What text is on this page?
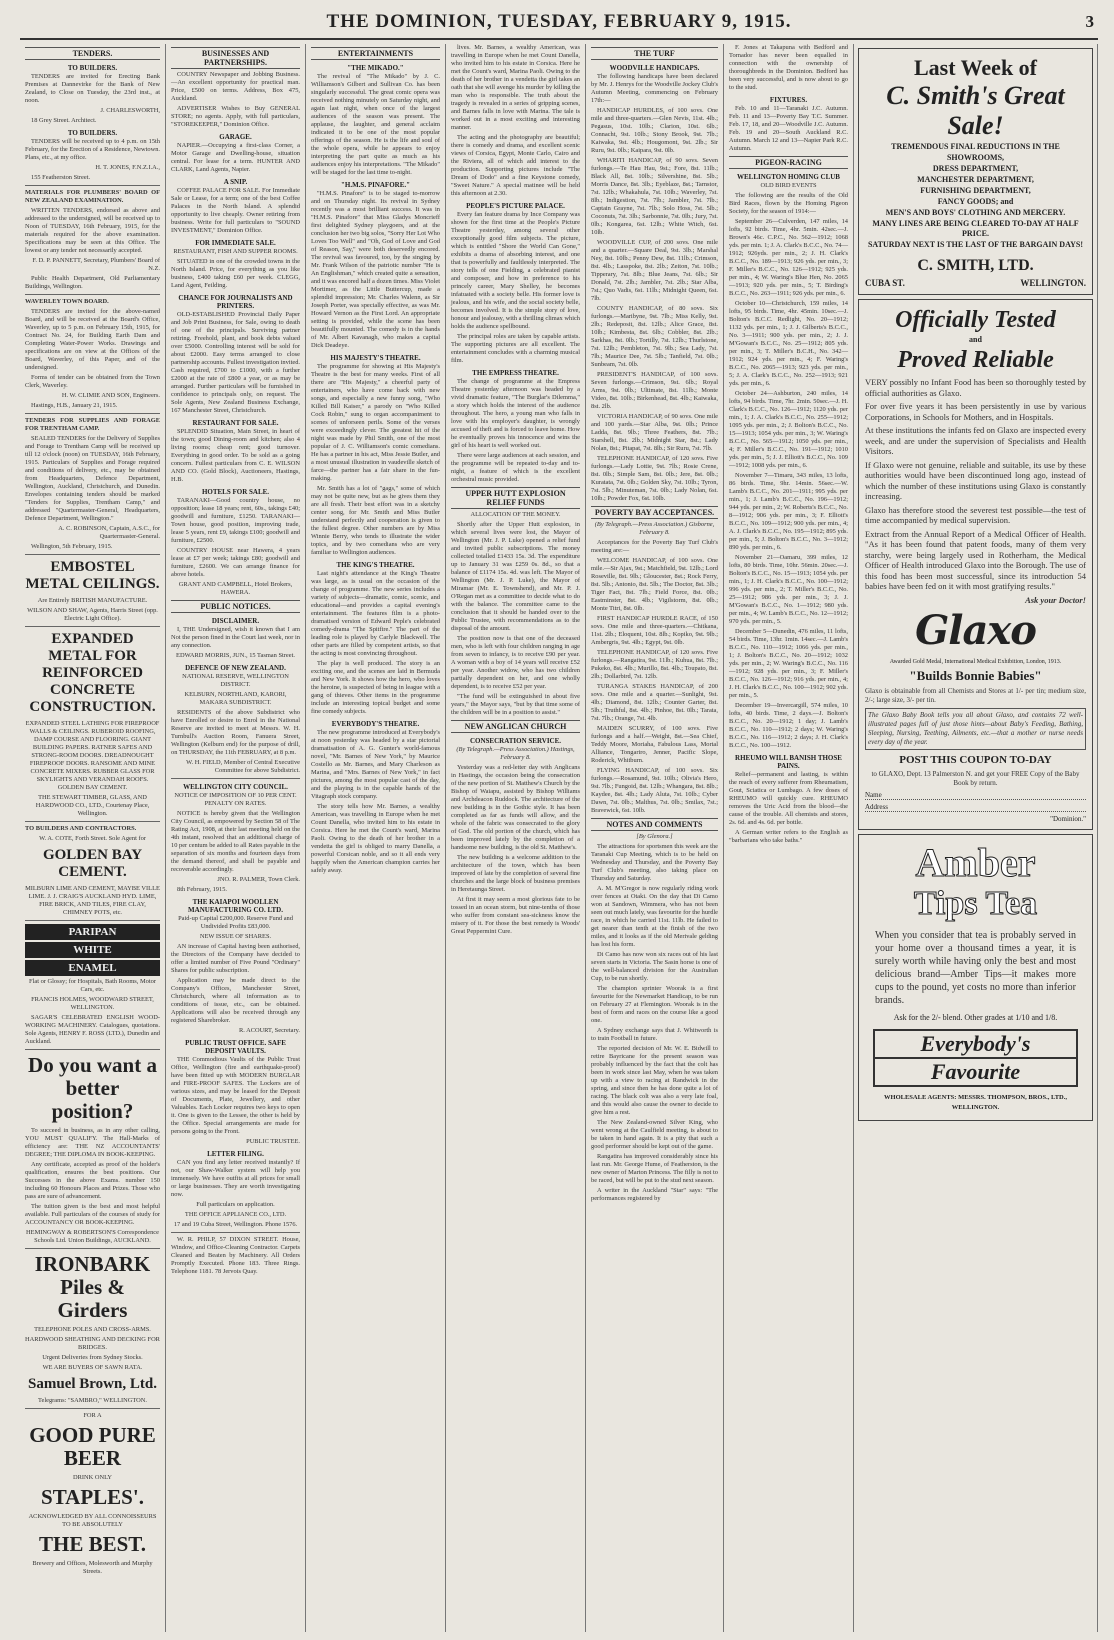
THE DOMINION, TUESDAY, FEBRUARY 9, 1915.	3
TENDERS.
TO BUILDERS.

TENDERS are invited for Erecting Bank Premises at Dannevirke for the Bank of New Zealand, to Close on Tuesday, the 23rd inst., at noon.

J. CHARLESWORTH,

18 Grey Street. Architect.

TO BUILDERS.

TENDERS will be received up to 4 p.m. on 15th February, for the Erection of a Residence, Newtown. Plans, etc., at my office.

H. T. JONES, F.N.Z.I.A.,

155 Featherston Street.

MATERIALS FOR PLUMBERS' BOARD OF NEW ZEALAND EXAMINATION.

WRITTEN TENDERS, endorsed as above and addressed to the undersigned, will be received up to Noon of TUESDAY, 16th February, 1915, for the materials required for the above examination. Specifications may be seen at this Office. The lowest or any tender not necessarily accepted.

F. D. P. PANNETT, Secretary, Plumbers' Board of N.Z.

Public Health Department, Old Parliamentary Buildings, Wellington.

WAVERLEY TOWN BOARD.

TENDERS are invited for the above-named Board, and will be received at the Board's Office, Waverley, up to 5 p.m. on February 15th, 1915, for Contract No. 24, for Building Earth Dam and Completing Water-Power Works. Drawings and specifications are on view at the Offices of the Board, Waverley, of this Paper, and of the undersigned.

Forms of tender can be obtained from the Town Clerk, Waverley.

H. W. CLIMIE AND SON, Engineers.

Hastings, H.B., January 21, 1915.

TENDERS FOR SUPPLIES AND FORAGE FOR TRENTHAM CAMP.

SEALED TENDERS for the Delivery of Supplies and Forage to Trentham Camp will be received up till 12 o'clock (noon) on TUESDAY, 16th February, 1915. Particulars of Supplies and Forage required and conditions of delivery, etc., may be obtained from Headquarters, Defence Department, Wellington, Auckland, Christchurch, and Dunedin. Envelopes containing tenders should be marked "Tenders for Supplies, Trentham Camp," and addressed "Quartermaster-General, Headquarters, Defence Department, Wellington."

A. C. ROBINSON, Captain, A.S.C., for Quartermaster-General.

Wellington, 5th February, 1915.

EMBOSTEL METAL CEILINGS.

Are Entirely BRITISH MANUFACTURE.

WILSON AND SHAW, Agents, Harris Street (opp. Electric Light Office).

EXPANDED METAL FOR REINFORCED CONCRETE CONSTRUCTION.

EXPANDED STEEL LATHING FOR FIREPROOF WALLS & CEILINGS. RUBEROID ROOFING, DAMP COURSE AND FLOORING. GIANT BUILDING PAPERS. RATNER SAFES AND STRONG-ROOM DOORS. DREADNOUGHT FIREPROOF DOORS. RANSOME AND MINE CONCRETE MIXERS. RUBBER GLASS FOR SKYLIGHTS AND VERANDAH ROOFS. GOLDEN BAY CEMENT.

THE STEWART TIMBER, GLASS, AND HARDWOOD CO., LTD., Courtenay Place, Wellington.

TO BUILDERS AND CONTRACTORS.

W. A. COTE, Forth Street. Sole Agent for

GOLDEN BAY CEMENT.

MILBURN LIME AND CEMENT, MAYBE VILLE LIME. J. J. CRAIG'S AUCKLAND HYD. LIME, FIRE BRICK, AND TILES, FIRE CLAY, CHIMNEY POTS, etc.

PARIPAN
WHITE
ENAMEL

Flat or Glossy; for Hospitals, Bath Rooms, Motor Cars, etc.

FRANCIS HOLMES, WOODWARD STREET, WELLINGTON.

SAGAR'S CELEBRATED ENGLISH WOOD-WORKING MACHINERY. Catalogues, quotations. Sole Agents, HENRY F. ROSS (LTD.), Dunedin and Auckland.

Do you want a better position?

To succeed in business, as in any other calling, YOU MUST QUALIFY. The Hall-Marks of efficiency are: THE NZ ACCOUNTANTS' DEGREE; THE DIPLOMA IN BOOK-KEEPING.

Any certificate, accepted as proof of the holder's qualification, ensures the best positions. Our Successes in the above Exams. number 150 including 60 Honours Places and Prizes. Those who pass are sure of advancement.

The tuition given is the best and most helpful available. Full particulars of the courses of study for ACCOUNTANCY OR BOOK-KEEPING.

HEMINGWAY & ROBERTSON'S Correspondence Schools Ltd. Union Buildings, AUCKLAND.

IRONBARK Piles & Girders

TELEPHONE POLES AND CROSS-ARMS.

HARDWOOD SHEATHING AND DECKING FOR BRIDGES.

Urgent Deliveries from Sydney Stocks.

WE ARE BUYERS OF SAWN RATA.

Samuel Brown, Ltd.

Telegrams: "SAMBRO," WELLINGTON.

FOR A

GOOD PURE BEER

DRINK ONLY

STAPLES'.

ACKNOWLEDGED BY ALL CONNOISSEURS TO BE ABSOLUTELY

THE BEST.

Brewery and Offices, Molesworth and Murphy Streets.

BUSINESSES AND PARTNERSHIPS.

COUNTRY Newspaper and Jobbing Business.—An excellent opportunity for practical man. Price, £500 on terms. Address, Box 475, Auckland.

ADVERTISER Wishes to Buy GENERAL STORE; no agents. Apply, with full particulars, "STOREKEEPER," Dominion Office.

GARAGE.

NAPIER.—Occupying a first-class Corner, a Motor Garage and Dwelling-house, situation central. For lease for a term. HUNTER AND CLARK, Land Agents, Napier.

A SNIP.

COFFEE PALACE FOR SALE. For Immediate Sale or Lease, for a term; one of the best Coffee Palaces in the North Island. A splendid opportunity to live cheaply. Owner retiring from business. Write for full particulars to "SOUND INVESTMENT," Dominion Office.

FOR IMMEDIATE SALE.

RESTAURANT, FISH AND SUPPER ROOMS.

SITUATED in one of the crowded towns in the North Island. Price, for everything as you like business, £400 taking £60 per week. CLEGG, Land Agent, Feilding.

CHANCE FOR JOURNALISTS AND PRINTERS.

OLD-ESTABLISHED Provincial Daily Paper and Job Print Business, for Sale, owing to death of one of the principals. Surviving partner retiring. Freehold, plant, and book debts valued over £5000. Controlling interest will be sold for about £2000. Easy terms arranged to close partnership accounts. Fullest investigation invited. Cash required, £700 to £1000, with a further £2000 at the rate of £800 a year, or as may be arranged. Further particulars will be furnished in confidence to principals only, on request. The Sole Agents, New Zealand Business Exchange, 167 Manchester Street, Christchurch.

RESTAURANT FOR SALE.

SPLENDID Situation, Main Street, in heart of the town; good Dining-room and kitchen; also 4 living rooms; cheap rent; good turnover. Everything in good order. To be sold as a going concern. Fullest particulars from C. E. WILSON AND CO. (Gold Block), Auctioneers, Hastings, H.B.

HOTELS FOR SALE.

TARANAKI—Good country house, no opposition; lease 18 years; rent, 60s., takings £40; goodwill and furniture, £1250. TARANAKI—Town house, good position, improving trade, lease 5 years, rent £9, takings £100; goodwill and furniture, £2500.

COUNTRY HOUSE near Hawera, 4 years lease at £7 per week; takings £80; goodwill and furniture, £2600. We can arrange finance for above hotels.

GRANT AND CAMPBELL, Hotel Brokers, HAWERA.

PUBLIC NOTICES.
DISCLAIMER.

I, THE Undersigned, wish it known that I am Not the person fined in the Court last week, nor in any connection.

EDWARD MORRIS, JUN., 15 Tasman Street.

DEFENCE OF NEW ZEALAND.

NATIONAL RESERVE, WELLINGTON DISTRICT.

KELBURN, NORTHLAND, KARORI, MAKARA SUBDISTRICT.

RESIDENTS of the above Subdistrict who have Enrolled or desire to Enrol in the National Reserve are invited to meet at Messrs. W. H. Turnbull's Auction Room, Fanuera Street, Wellington (Kelburn end) for the purpose of drill, on THURSDAY, the 11th FEBRUARY, at 8 p.m.

W. H. FIELD, Member of Central Executive Committee for above Subdistrict.

WELLINGTON CITY COUNCIL.

NOTICE OF IMPOSITION OF 10 PER CENT. PENALTY ON RATES.

NOTICE is hereby given that the Wellington City Council, as empowered by Section 58 of The Rating Act, 1908, at their last meeting held on the 4th instant, resolved that an additional charge of 10 per centum be added to all Rates payable in the separation of six months and fourteen days from the demand thereof, and shall be payable and recoverable accordingly.

JNO. R. PALMER, Town Clerk.

8th February, 1915.

THE KAIAPOI WOOLLEN MANUFACTURING CO. LTD.

Paid-up Capital £200,000. Reserve Fund and Undivided Profits £83,000.

NEW ISSUE OF SHARES.

AN increase of Capital having been authorised, the Directors of the Company have decided to offer a limited number of Five Pound "Ordinary" Shares for public subscription.

Application may be made direct to the Company's Offices, Manchester Street, Christchurch, where all information as to conditions of issue, etc., can be obtained. Applications will also be received through any registered Sharebroker.

R. ACOURT, Secretary.

PUBLIC TRUST OFFICE. SAFE DEPOSIT VAULTS.

THE Commodious Vaults of the Public Trust Office, Wellington (fire and earthquake-proof) have been fitted up with MODERN BURGLAR and FIRE-PROOF SAFES. The Lockers are of various sizes, and may be leased for the Deposit of Documents, Plate, Jewellery, and other Valuables. Each Locker requires two keys to open it. One is given to the Lessee, the other is held by the Office. Special arrangements are made for persons going to the Front.

PUBLIC TRUSTEE.

LETTER FILING.

CAN you find any letter received instantly? If not, our Shaw-Walker system will help you immensely. We have outfits at all prices for small or large businesses. They are worth investigating now.

Full particulars on application.

THE OFFICE APPLIANCE CO., LTD.

17 and 19 Cuba Street, Wellington. Phone 1576.

W. R. PHILP, 57 DIXON STREET. House, Window, and Office-Cleaning Contractor. Carpets Cleaned and Beaten by Machinery. All Orders Promptly Executed. Phone 183. Three Rings. Telephone 1181. 78 Jervois Quay.

ENTERTAINMENTS
"THE MIKADO."

The revival of "The Mikado" by J. C. Williamson's Gilbert and Sullivan Co. has been singularly successful. The great comic opera was received nothing minutely on Saturday night, and again last night, when once of the largest audiences of the season was present. The applause, the laughter, and general acclaim indicated it to be one of the most popular offerings of the season. He is the life and soul of the whole opera, while he appears to enjoy interpreting the part quite as much as his audiences enjoy his interpretations. "The Mikado" will be staged for the last time to-night.

"H.M.S. PINAFORE."

"H.M.S. Pinafore" is to be staged to-morrow and on Thursday night. Its revival in Sydney recently was a most brilliant success. It was in "H.M.S. Pinafore" that Miss Gladys Moncrieff first delighted Sydney playgoers, and at the conclusion her two big solos, "Sorry Her Lot Who Loves Too Well" and "Oh, God of Love and God of Reason, Say," were both deservedly encored. The revival was favoured, too, by the singing by Mr. Frank Wilson of the patriotic number "He is An Englishman," which created quite a sensation, and it was encored half a dozen times. Miss Violet Mortimer, as the Little Buttercup, made a splendid impression; Mr. Charles Walenn, as Sir Joseph Porter, was specially effective, as was Mr. Howard Vernon as the First Lord. An appropriate setting is provided, while the scene has been beautifully mounted. The comedy is in the hands of Mr. Albert Kavanagh, who makes a capital Dick Deadeye.

HIS MAJESTY'S THEATRE.

The programme for showing at His Majesty's Theatre is the best for many weeks. First of all there are "His Majesty," a cheerful party of entertainers, who have come back with new songs, and especially a new funny song, "Who Killed Bill Kaiser," a parody on "Who Killed Cock Robin," sung to organ accompaniment to scenes of unforseen perils. Some of the verses were exceedingly clever. The greatest hit of the night was made by Phil Smith, one of the most popular of J. C. Williamson's comic comedians. He has a partner in his act, Miss Jessie Butler, and a most unusual illustration in vaudeville sketch of farce—the partner has a fair share in the fun-making.

Mr. Smith has a lot of "gags," some of which may not be quite new, but as he gives them they are all fresh. Their best effort was in a sketchy center song, for Mr. Smith and Miss Butler understand perfectly and cooperation is given to the fullest degree. Other numbers are by Miss Winnie Berry, who tends to illustrate the wider topics, and by two comedians who are very familiar to Wellington audiences.

THE KING'S THEATRE.

Last night's attendance at the King's Theatre was large, as is usual on the occasion of the change of programme. The new series includes a variety of subjects—dramatic, comic, scenic, and educational—and provides a capital evening's entertainment. The features film is a photo-dramatised version of Edward Peple's celebrated comedy-drama "The Spitfire." The part of the leading role is played by Carlyle Blackwell. The other parts are filled by competent artists, so that the acting is most convincing throughout.

The play is well produced. The story is an exciting one, and the scenes are laid in Bermuda and New York. It shows how the hero, who loves the heroine, is suspected of being in league with a gang of thieves. Other items in the programme include an interesting topical budget and some fine comedy subjects.

EVERYBODY'S THEATRE.

The new programme introduced at Everybody's at noon yesterday was headed by a star pictorial dramatisation of A. G. Gunter's world-famous novel, "Mr. Barnes of New York," by Maurice Costello as Mr. Barnes, and Mary Charleson as Marina, and "Mrs. Barnes of New York," in fact pictures, among the most popular cast of the day, and the playing is in the capable hands of the Vitagraph stock company.

The story tells how Mr. Barnes, a wealthy American, was travelling in Europe when he met Count Danella, who invited him to his estate in Corsica. Here he met the Count's ward, Marina Paoli. Owing to the death of her brother in a vendetta the girl is obliged to marry Danella, a powerful Corsican noble, and so it all ends very happily when the American champion carries her safely away.

lives. Mr. Barnes, a wealthy American, was travelling in Europe when he met Count Danella, who invited him to his estate in Corsica. Here he met the Count's ward, Marina Paoli. Owing to the death of her brother in a vendetta the girl takes an oath that she will avenge his murder by killing the man who is responsible. The truth about the tragedy is revealed in a series of gripping scenes, and Barnes falls in love with Marina. The tale is worked out in a most exciting and interesting manner.

The acting and the photography are beautiful; there is comedy and drama, and excellent scenic views of Corsica, Egypt, Monte Carlo, Cairo and the Riviera, all of which add interest to the production. Supporting pictures include "The Dream of Dodo" and a fine Keystone comedy, "Sweet Nature." A special matinee will be held this afternoon at 2.30.

PEOPLE'S PICTURE PALACE.

Every fan feature drama by Ince Company was shown for the first time at the People's Picture Theatre yesterday, among several other exceptionally good film subjects. The picture, which is entitled "Shore the World Can Gone," exhibits a drama of absorbing interest, and one that is powerfully and faultlessly interpreted. The story tells of one Fielding, a celebrated pianist and composer, and how in preference to his princely career, Mary Shelley, he becomes infatuated with a society belle. His former love is jealous, and his wife, and the social society belle, becomes involved. It is the simple story of love, honour and jealousy, with a thrilling climax which holds the audience spellbound.

The principal roles are taken by capable artists. The supporting pictures are all excellent. The entertainment concludes with a charming musical film.

THE EMPRESS THEATRE.

The change of programme at the Empress Theatre yesterday afternoon was headed by a vivid dramatic feature, "The Burglar's Dilemma," a story which holds the interest of the audience throughout. The hero, a young man who falls in love with his employer's daughter, is wrongly accused of theft and is forced to leave home. How he eventually proves his innocence and wins the girl of his heart is well worked out.

There were large audiences at each session, and the programme will be repeated to-day and to-night, a feature of which is the excellent orchestral music provided.

UPPER HUTT EXPLOSION RELIEF FUNDS

ALLOCATION OF THE MONEY.

Shortly after the Upper Hutt explosion, in which several lives were lost, the Mayor of Wellington (Mr. J. P. Luke) opened a relief fund and invited public subscriptions. The money collected totalled £1433 15s. 3d. The expenditure up to January 31 was £259 0s. 8d., so that a balance of £1174 15s. 4d. was left. The Mayor of Wellington (Mr. J. P. Luke), the Mayor of Miramar (Mr. E. Townshend), and Mr. P. J. O'Regan met as a committee to decide what to do with the balance. The committee came to the conclusion that it should be handed over to the Public Trustee, with recommendations as to the disposal of the amount.

The position now is that one of the deceased men, who is left with four children ranging in age from seven to infancy, is to receive £90 per year. A woman with a boy of 14 years will receive £52 per year. Another widow, who has two children partially dependent on her, and one wholly dependent, is to receive £52 per year.

"The fund will be extinguished in about five years," the Mayor says, "but by that time some of the children will be in a position to assist."

NEW ANGLICAN CHURCH
CONSECRATION SERVICE.

(By Telegraph.—Press Association.) Hastings, February 8.

Yesterday was a red-letter day with Anglicans in Hastings, the occasion being the consecration of the new portion of St. Matthew's Church by the Bishop of Waiapu, assisted by Bishop Williams and Archdeacon Ruddock. The architecture of the new building is in the Gothic style. It has been completed as far as funds will allow, and the whole of the fabric was consecrated to the glory of God. The old portion of the church, which has been improved lately by the completion of a handsome new building, is the old St. Matthew's.

The new building is a welcome addition to the architecture of the town, which has been improved of late by the completion of several fine churches and the large block of business premises in Heretaunga Street.

At first it may seem a most glorious fate to be tossed in an ocean storm, but nine-tenths of those who suffer from constant sea-sickness know the misery of it. For those the best remedy is Woods' Great Peppermint Cure.

THE TURF
WOODVILLE HANDICAPS.

The following handicaps have been declared by Mr. J. Henrys for the Woodville Jockey Club's Autumn Meeting, commencing on February 17th:—

HANDICAP HURDLES, of 100 sovs. One mile and three-quarters.—Glen Nevis, 11st. 4lb.; Pegasus, 10st. 10lb.; Clarion, 10st. 6lb.; Connacht, 9st. 10lb.; Stony Brook, 9st. 7lb.; Kaiwaka, 9st. 4lb.; Hougomont, 9st. 2lb.; Sir Ruru, 9st. 0lb.; Kaipara, 9st. 0lb.

WHARITI HANDICAP, of 90 sovs. Seven furlongs.—Te Hau Hau, 9st.; Fore, 8st. 11lb.; Black All, 8st. 10lb.; Silvershine, 8st. 5lb.; Morris Dance, 8st. 3lb.; Eyeblaze, 8st.; Tarnstor, 7st. 12lb.; Whakahula, 7st. 10lb.; Waverley, 7st. 8lb.; Indigestion, 7st. 7lb.; Jambler, 7st. 7lb.; Captain Grayne, 7st. 7lb.; Solo Hoss, 7st. 5lb.; Coconuts, 7st. 3lb.; Sarbonnie, 7st. 0lb.; Jury, 7st. 0lb.; Kongarea, 6st. 12lb.; White Witch, 6st. 10lb.

WOODVILLE CUP, of 200 sovs. One mile and a quarter.—Square Deal, 9st. 3lb.; Marshal Ney, 8st. 10lb.; Penny Dew, 8st. 11lb.; Crimson, 8st. 4lb.; Lasspoke, 8st. 2lb.; Zeiton, 7st. 10lb.; Tipperary, 7st. 8lb.; Blue Jeans, 7st. 6lb.; Sir Donald, 7st. 2lb.; Jambler, 7st. 2lb.; Star Alba, 7st.; Quo Vadis, 6st. 11lb.; Midnight Queen, 6st. 7lb.

COUNTY HANDICAP, of 80 sovs. Six furlongs.—Maribyne, 9st. 7lb.; Miss Kelly, 9st. 2lb.; Redeposit, 8st. 12lb.; Alice Grace, 8st. 10lb.; Kimbesta, 8st. 6lb.; Cobbler, 8st. 2lb.; Sarkhas, 8st. 0lb.; Tortilly, 7st. 12lb.; Thurlstone, 7st. 12lb.; Pembleton, 7st. 9lb.; Sea Lady, 7st. 7lb.; Maurice Dee, 7st. 5lb.; Tanfield, 7st. 0lb.; Sunbeam, 7st. 0lb.

PRESIDENT'S HANDICAP, of 100 sovs. Seven furlongs.—Crimson, 9st. 6lb.; Royal Arms, 9st. 0lb.; Ultimate, 8st. 11lb.; Monte Video, 8st. 10lb.; Birkenhead, 8st. 4lb.; Kaiwaka, 8st. 2lb.

VICTORIA HANDICAP, of 90 sovs. One mile and 100 yards.—Star Alba, 9st. 0lb.; Prince Ladda, 8st. 9lb.; Three Feathers, 8st. 7lb.; Starshell, 8st. 2lb.; Midnight Star, 8st.; Lady Nolan, 8st.; Pitapat, 7st. 8lb.; Sir Ruru, 7st. 7lb.

TELEPHONE HANDICAP, of 120 sovs. Five furlongs.—Lady Lottie, 9st. 7lb.; Rosie Crene, 8st. 0lb.; Simple Sam, 8st. 0lb.; Jere, 8st. 0lb.; Kuratata, 7st. 0lb.; Golden Sky, 7st. 10lb.; Tyron, 7st. 5lb.; Minuteman, 7st. 0lb.; Lady Nolan, 6st. 10lb.; Powder Fox, 6st. 10lb.

POVERTY BAY ACCEPTANCES.

(By Telegraph.—Press Association.) Gisborne, February 8.

Acceptances for the Poverty Bay Turf Club's meeting are:—

WELCOME HANDICAP, of 100 sovs. One mile.—Sir Ajax, 9st.; Matchfield, 9st. 12lb.; Lord Roseville, 8st. 9lb.; Gloucester, 8st.; Rock Ferry, 8st. 5lb.; Antonio, 8st. 5lb.; The Doctor, 8st. 3lb.; Tiger Fact, 8st. 7lb.; Field Force, 8st. 0lb.; Eastminster, 8st. 4lb.; Vigilstorm, 8st. 0lb.; Monte Titri, 8st. 0lb.

FIRST HANDICAP HURDLE RACE, of 150 sovs. One mile and three-quarters.—Chitkana, 11st. 2lb.; Eloquent, 10st. 8lb.; Kopiko, 9st. 9lb.; Ambergris, 9st. 4lb.; Egypt, 9st. 0lb.

TELEPHONE HANDICAP, of 120 sovs. Five furlongs.—Rangatira, 9st. 11lb.; Kuhua, 8st. 7lb.; Pukeko, 8st. 4lb.; Murillo, 8st. 4lb.; Toupato, 8st. 2lb.; Dollarbird, 7st. 12lb.

TURANGA STAKES HANDICAP, of 200 sovs. One mile and a quarter.—Sunlight, 9st. 4lb.; Diamond, 8st. 12lb.; Counter Garter, 8st. 5lb.; Truthful, 8st. 4lb.; Pinhoe, 8st. 0lb.; Tarata, 7st. 7lb.; Orange, 7st. 4lb.

MAIDEN SCURRY, of 100 sovs. Five furlongs and a half.—Weight, 8st.—Sea Chief, Teddy Moore, Moriaha, Fabulous Lass, Mortal Alliance, Tongariro, Jenner, Pacific Slope, Roderick, Whitburn.

FLYING HANDICAP, of 100 sovs. Six furlongs.—Rosamund, 9st. 10lb.; Olivia's Hero, 9st. 7lb.; Fungoid, 8st. 12lb.; Whangara, 8st. 8lb.; Kaydee, 8st. 4lb.; Lady Aluta, 7st. 10lb.; Cyber Dawn, 7st. 0lb.; Malthus, 7st. 0lb.; Smilax, 7st.; Bravewick, 6st. 10lb.

NOTES AND COMMENTS

[By Glenora.]

The attractions for sportsmen this week are the Taranaki Cup Meeting, which is to be held on Wednesday and Thursday, and the Poverty Bay Turf Club's meeting, also taking place on Thursday and Saturday.

A. M. M'Gregor is now regularly riding work over fences at Otaki. On the day that Di Camo won at Sandown, Wimmera, who has not been seen out much lately, was favourite for the hurdle race, in which he carried 11st. 11lb. He failed to get nearer than tenth at the finish of the two miles, and it looks as if the old Merivale gelding has lost his form.

Di Camo has now won six races out of his last seven starts in Victoria. The Sasin horse is one of the well-balanced division for the Australian Cup, to be run shortly.

The champion sprinter Woorak is a first favourite for the Newmarket Handicap, to be run on February 27 at Flemington. Woorak is in the best of form and races on the course like a good one.

A Sydney exchange says that J. Whitworth is to train Football in future.

The reported decision of Mr. W. E. Bidwill to retire Bayricane for the present season was probably influenced by the fact that the colt has been in work since last May, when he was taken up with a view to racing at Randwick in the spring, and since then he has done quite a lot of racing. The black colt was also a very late foal, and this would also cause the owner to decide to give him a rest.

The New Zealand-owned Silver King, who went wrong at the Caulfield meeting, is about to be taken in hand again. It is a pity that such a good performer should be kept out of the game.

Rangatira has improved considerably since his last run. Mr. George Hume, of Featherston, is the new owner of Marton Princess. The filly is not to be raced, but will be put to the stud next season.

A writer in the Auckland "Star" says: "The performances registered by

F. Jones at Takapuna with Bedford and Tornador has never been equalled in connection with the ownership of thoroughbreds in the Dominion. Bedford has been very successful, and is now about to go to the stud.

FIXTURES.

Feb. 10 and 11—Taranaki J.C. Autumn. Feb. 11 and 13—Poverty Bay T.C. Summer. Feb. 17, 18, and 20—Woodville J.C. Autumn. Feb. 19 and 20—South Auckland R.C. Autumn. March 12 and 13—Napier Park R.C. Autumn.

PIGEON-RACING
WELLINGTON HOMING CLUB

OLD BIRD EVENTS

The following are the results of the Old Bird Races, flown by the Homing Pigeon Society, for the season of 1914:—

September 26—Culverden, 147 miles, 14 lofts, 92 birds. Time, 4hr. 5min. 42sec.—J. Brown's 46c. C.P.C., No. 562—1912; 1068 yds. per min. 1; J. A. Clark's B.C.C., No. 74—1912; 926yds. per min., 2; J. H. Clark's B.C.C., No. 189—1913; 926 yds. per min., 3; F. Miller's B.C.C., No. 126—1912; 925 yds. per min., 4; W. Waring's Blue Hen, No. 2065—1913; 920 yds. per min., 5; T. Birding's B.C.C., No. 263—1911; 926 yds. per min., 6.

October 10—Christchurch, 159 miles, 14 lofts, 95 birds. Time, 4hr. 45min. 10sec.—J. Bolton's B.C.C. Redlight, No. 20—1912; 1132 yds. per min., 1; J. J. Gilberts's B.C.C., No. 3—1911; 900 yds. per min., 2; J. J. M'Gowan's B.C.C., No. 25—1912; 805 yds. per min., 3; T. Miller's B.C.H., No. 342—1912; 924 yds. per min., 4; F. Waring's B.C.C., No. 2065—1913; 923 yds. per min., 5; J. A. Clark's B.C.C., No. 252—1913; 921 yds. per min., 6.

October 24—Ashburton, 240 miles, 14 lofts, 94 birds. Time, 7hr. 2min. 50sec.—J. H. Clark's B.C.C., No. 126—1912; 1120 yds. per min., 1; J. A. Clark's B.C.C., No. 255—1912; 1095 yds. per min., 2; J. Bolton's B.C.C., No. 15—1913; 1054 yds. per min., 3; W. Waring's B.C.C., No. 565—1912; 1050 yds. per min., 4; F. Miller's B.C.C., No. 191—1912; 1010 yds. per min., 5; J. J. Elliott's B.C.C., No. 109—1912; 1008 yds. per min., 6.

November 7—Timaru, 343 miles, 13 lofts, 86 birds. Time, 9hr. 14min. 56sec.—W. Lamb's B.C.C., No. 201—1911; 995 yds. per min., 1; J. Lamb's B.C.C., No. 196—1912; 944 yds. per min., 2; W. Roberts's B.C.C., No. 8—1912; 906 yds. per min., 3; F. Elliott's B.C.C., No. 109—1912; 900 yds. per min., 4; A. J. Clark's B.C.C., No. 195—1912; 895 yds. per min., 5; J. Bolton's B.C.C., No. 3—1912; 890 yds. per min., 6.

November 21—Oamaru, 399 miles, 12 lofts, 80 birds. Time, 10hr. 56min. 20sec.—J. Bolton's B.C.C., No. 15—1913; 1054 yds. per min., 1; J. H. Clark's B.C.C., No. 100—1912; 996 yds. per min., 2; T. Miller's B.C.C., No. 25—1912; 986 yds. per min., 3; J. J. M'Gowan's B.C.C., No. 1—1912; 980 yds. per min., 4; W. Lamb's B.C.C., No. 12—1912; 970 yds. per min., 5.

December 5—Dunedin, 476 miles, 11 lofts, 54 birds. Time, 13hr. 1min. 14sec.—J. Lamb's B.C.C., No. 110—1912; 1066 yds. per min., 1; J. Bolton's B.C.C., No. 20—1912; 1032 yds. per min., 2; W. Waring's B.C.C., No. 116—1912; 928 yds. per min., 3; F. Miller's B.C.C., No. 126—1912; 916 yds. per min., 4; J. H. Clark's B.C.C., No. 100—1912; 902 yds. per min., 5.

December 19—Invercargill, 574 miles, 10 lofts, 40 birds. Time, 2 days.—J. Bolton's B.C.C., No. 20—1912; 1 day; J. Lamb's B.C.C., No. 110—1912; 2 days; W. Waring's B.C.C., No. 116—1912; 2 days; J. H. Clark's B.C.C., No. 100—1912.

RHEUMO WILL BANISH THOSE PAINS.

Relief—permanent and lasting, is within the reach of every sufferer from Rheumatism, Gout, Sciatica or Lumbago. A few doses of RHEUMO will quickly cure. RHEUMO removes the Uric Acid from the blood—the cause of the trouble. All chemists and stores, 2s. 6d. and 4s. 6d. per bottle.

A German writer refers to the English as "barbarians who take baths."

Last Week of
C. Smith's Great Sale!
TREMENDOUS FINAL REDUCTIONS IN THE
SHOWROOMS,
DRESS DEPARTMENT,
MANCHESTER DEPARTMENT,
FURNISHING DEPARTMENT,
FANCY GOODS; and
MEN'S AND BOYS' CLOTHING AND MERCERY.
MANY LINES ARE BEING CLEARED TO-DAY AT HALF PRICE.
SATURDAY NEXT IS THE LAST OF THE BARGAIN DAYS!
C. SMITH, LTD.
CUBA ST.	WELLINGTON.
Officially Tested
and
Proved Reliable
VERY possibly no Infant Food has been so thoroughly tested by official authorities as Glaxo.
For over five years it has been persistently in use by various Corporations, in Schools for Mothers, and in Hospitals.
At these institutions the infants fed on Glaxo are inspected every week, and are under the supervision of Specialists and Health Visitors.
If Glaxo were not genuine, reliable and suitable, its use by these authorities would have been discontinued long ago, instead of which the number of these institutions using Glaxo is constantly increasing.
Glaxo has therefore stood the severest test possible—the test of time accompanied by medical supervision.
Extract from the Annual Report of a Medical Officer of Health. "As it has been found that patent foods, many of them very starchy, were being largely used in Rotherham, the Medical Officer of Health introduced Glaxo into the Borough. The use of this food has been most successful, since its introduction 54 babies have been fed on it with most gratifying results."
Ask your Doctor!
Glaxo
Awarded Gold Medal, International Medical Exhibition, London, 1913.
"Builds Bonnie Babies"
Glaxo is obtainable from all Chemists and Stores at 1/- per tin; medium size, 2/-; large size, 3/- per tin.
The Glaxo Baby Book tells you all about Glaxo, and contains 72 well-illustrated pages full of just those hints—about Baby's Feeding, Bathing, Sleeping, Nursing, Teething, Ailments, etc.—that a mother or nurse needs every day of the year.
POST THIS COUPON TO-DAY
to GLAXO, Dept. 13 Palmerston N. and get your FREE Copy of the Baby Book by return.
Name
Address
"Dominion."
Amber
Tips Tea
When you consider that tea is probably served in your home over a thousand times a year, it is surely worth while having only the best and most delicious brand—Amber Tips—it makes more cups to the pound, yet costs no more than inferior brands.
Ask for the 2/- blend. Other grades at 1/10 and 1/8.
Everybody's
Favourite
WHOLESALE AGENTS: MESSRS. THOMPSON, BROS., LTD., WELLINGTON.
